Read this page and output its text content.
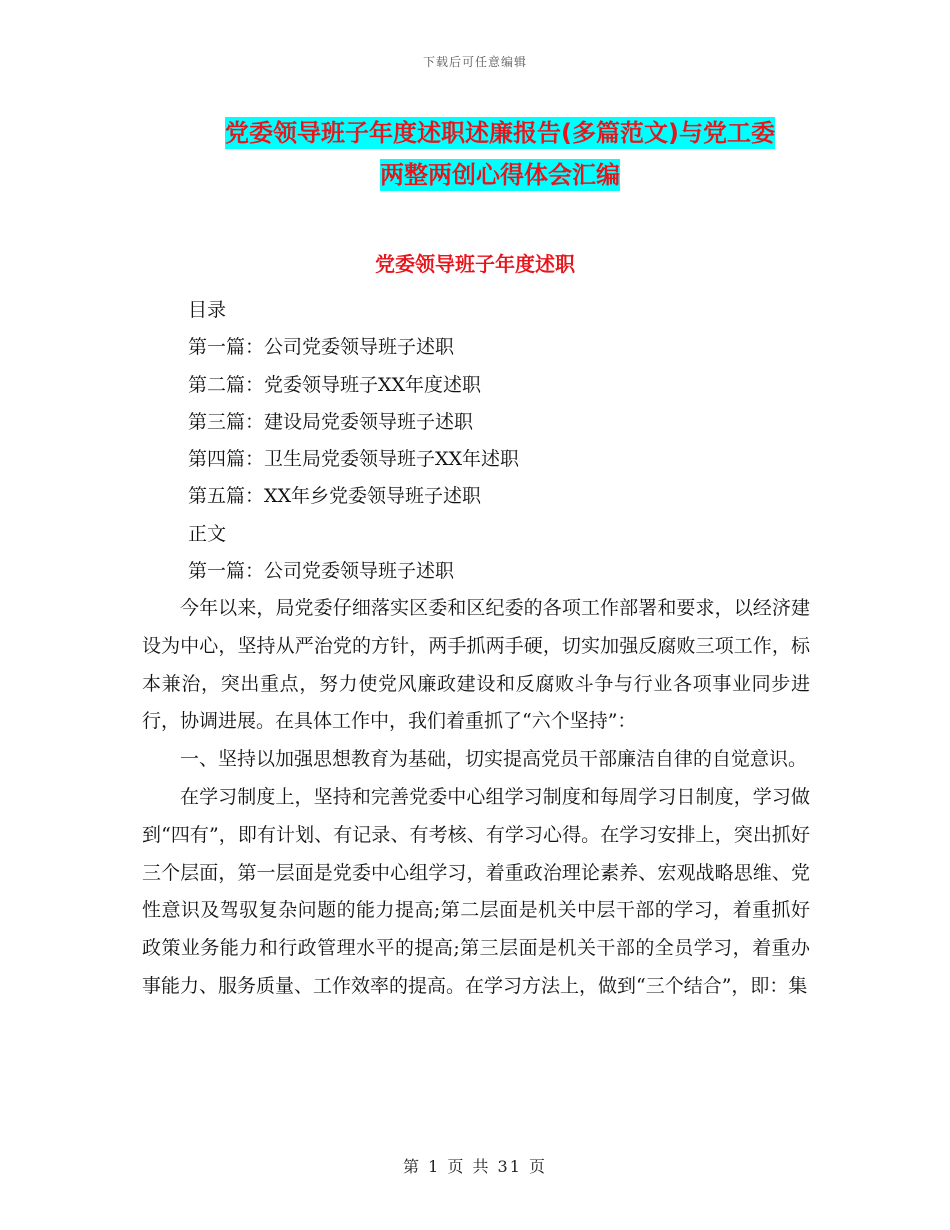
下载后可任意编辑
党委领导班子年度述职述廉报告(多篇范文)与党工委
两整两创心得体会汇编
党委领导班子年度述职
目录
第一篇：公司党委领导班子述职
第二篇：党委领导班子XX年度述职
第三篇：建设局党委领导班子述职
第四篇：卫生局党委领导班子XX年述职
第五篇：XX年乡党委领导班子述职
正文
第一篇：公司党委领导班子述职

今年以来，局党委仔细落实区委和区纪委的各项工作部署和要求，以经济建设为中心，坚持从严治党的方针，两手抓两手硬，切实加强反腐败三项工作，标本兼治，突出重点，努力使党风廉政建设和反腐败斗争与行业各项事业同步进行，协调进展。在具体工作中，我们着重抓了“六个坚持”：

一、坚持以加强思想教育为基础，切实提高党员干部廉洁自律的自觉意识。

在学习制度上，坚持和完善党委中心组学习制度和每周学习日制度，学习做到“四有”，即有计划、有记录、有考核、有学习心得。在学习安排上，突出抓好三个层面，第一层面是党委中心组学习，着重政治理论素养、宏观战略思维、党性意识及驾驭复杂问题的能力提高;第二层面是机关中层干部的学习，着重抓好政策业务能力和行政管理水平的提高;第三层面是机关干部的全员学习，着重办事能力、服务质量、工作效率的提高。在学习方法上，做到“三个结合”，即：集

第 1 页 共 31 页
